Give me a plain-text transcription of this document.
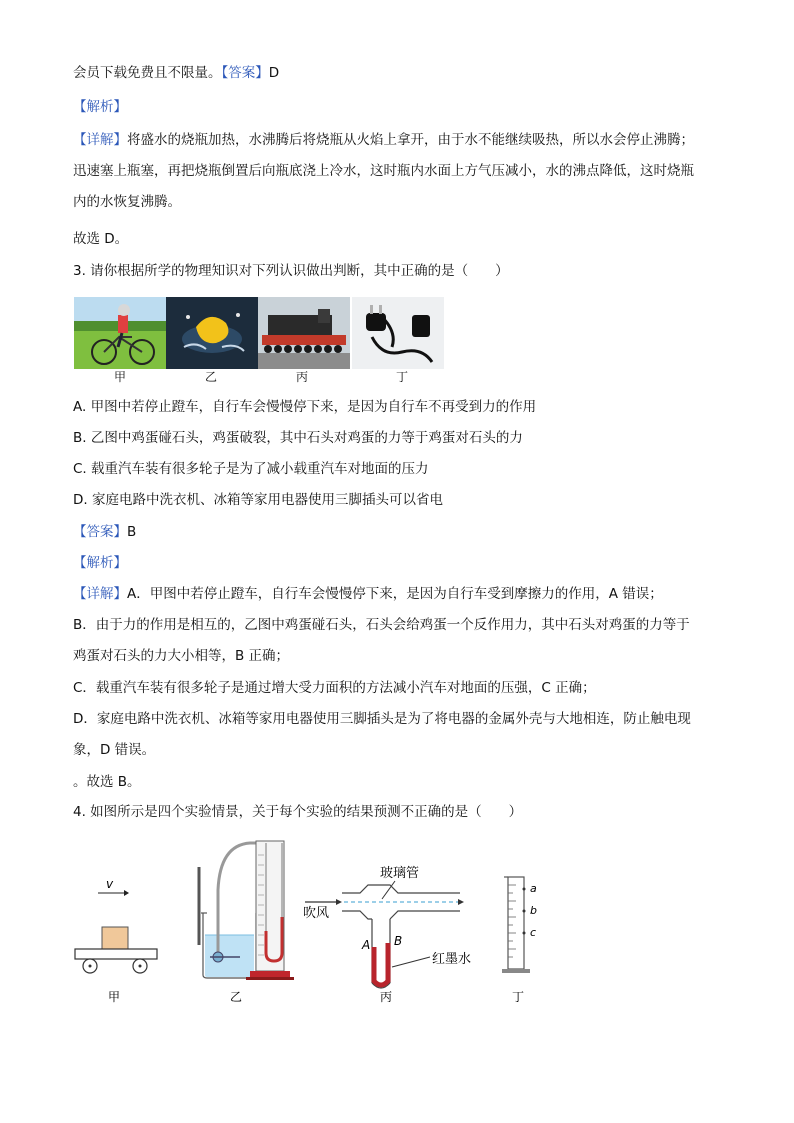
会员下载免费且不限量。【答案】D
【解析】
【详解】将盛水的烧瓶加热，水沸腾后将烧瓶从火焰上拿开，由于水不能继续吸热，所以水会停止沸腾；
迅速塞上瓶塞，再把烧瓶倒置后向瓶底浇上冷水，这时瓶内水面上方气压减小，水的沸点降低，这时烧瓶
内的水恢复沸腾。
故选 D。
3. 请你根据所学的物理知识对下列认识做出判断，其中正确的是（　　）
甲	乙	丙	丁
A. 甲图中若停止蹬车，自行车会慢慢停下来，是因为自行车不再受到力的作用
B. 乙图中鸡蛋碰石头，鸡蛋破裂，其中石头对鸡蛋的力等于鸡蛋对石头的力
C. 载重汽车装有很多轮子是为了减小载重汽车对地面的压力
D. 家庭电路中洗衣机、冰箱等家用电器使用三脚插头可以省电
【答案】B
【解析】
【详解】A．甲图中若停止蹬车，自行车会慢慢停下来，是因为自行车受到摩擦力的作用，A 错误；
B．由于力的作用是相互的，乙图中鸡蛋碰石头，石头会给鸡蛋一个反作用力，其中石头对鸡蛋的力等于
鸡蛋对石头的力大小相等，B 正确；
C．载重汽车装有很多轮子是通过增大受力面积的方法减小汽车对地面的压强，C 正确；
D．家庭电路中洗衣机、冰箱等家用电器使用三脚插头是为了将电器的金属外壳与大地相连，防止触电现
象，D 错误。
。故选 B。
4. 如图所示是四个实验情景，关于每个实验的结果预测不正确的是（　　）
v
玻璃管
吹风
A B
红墨水
a
b
c
甲	乙	丙	丁
